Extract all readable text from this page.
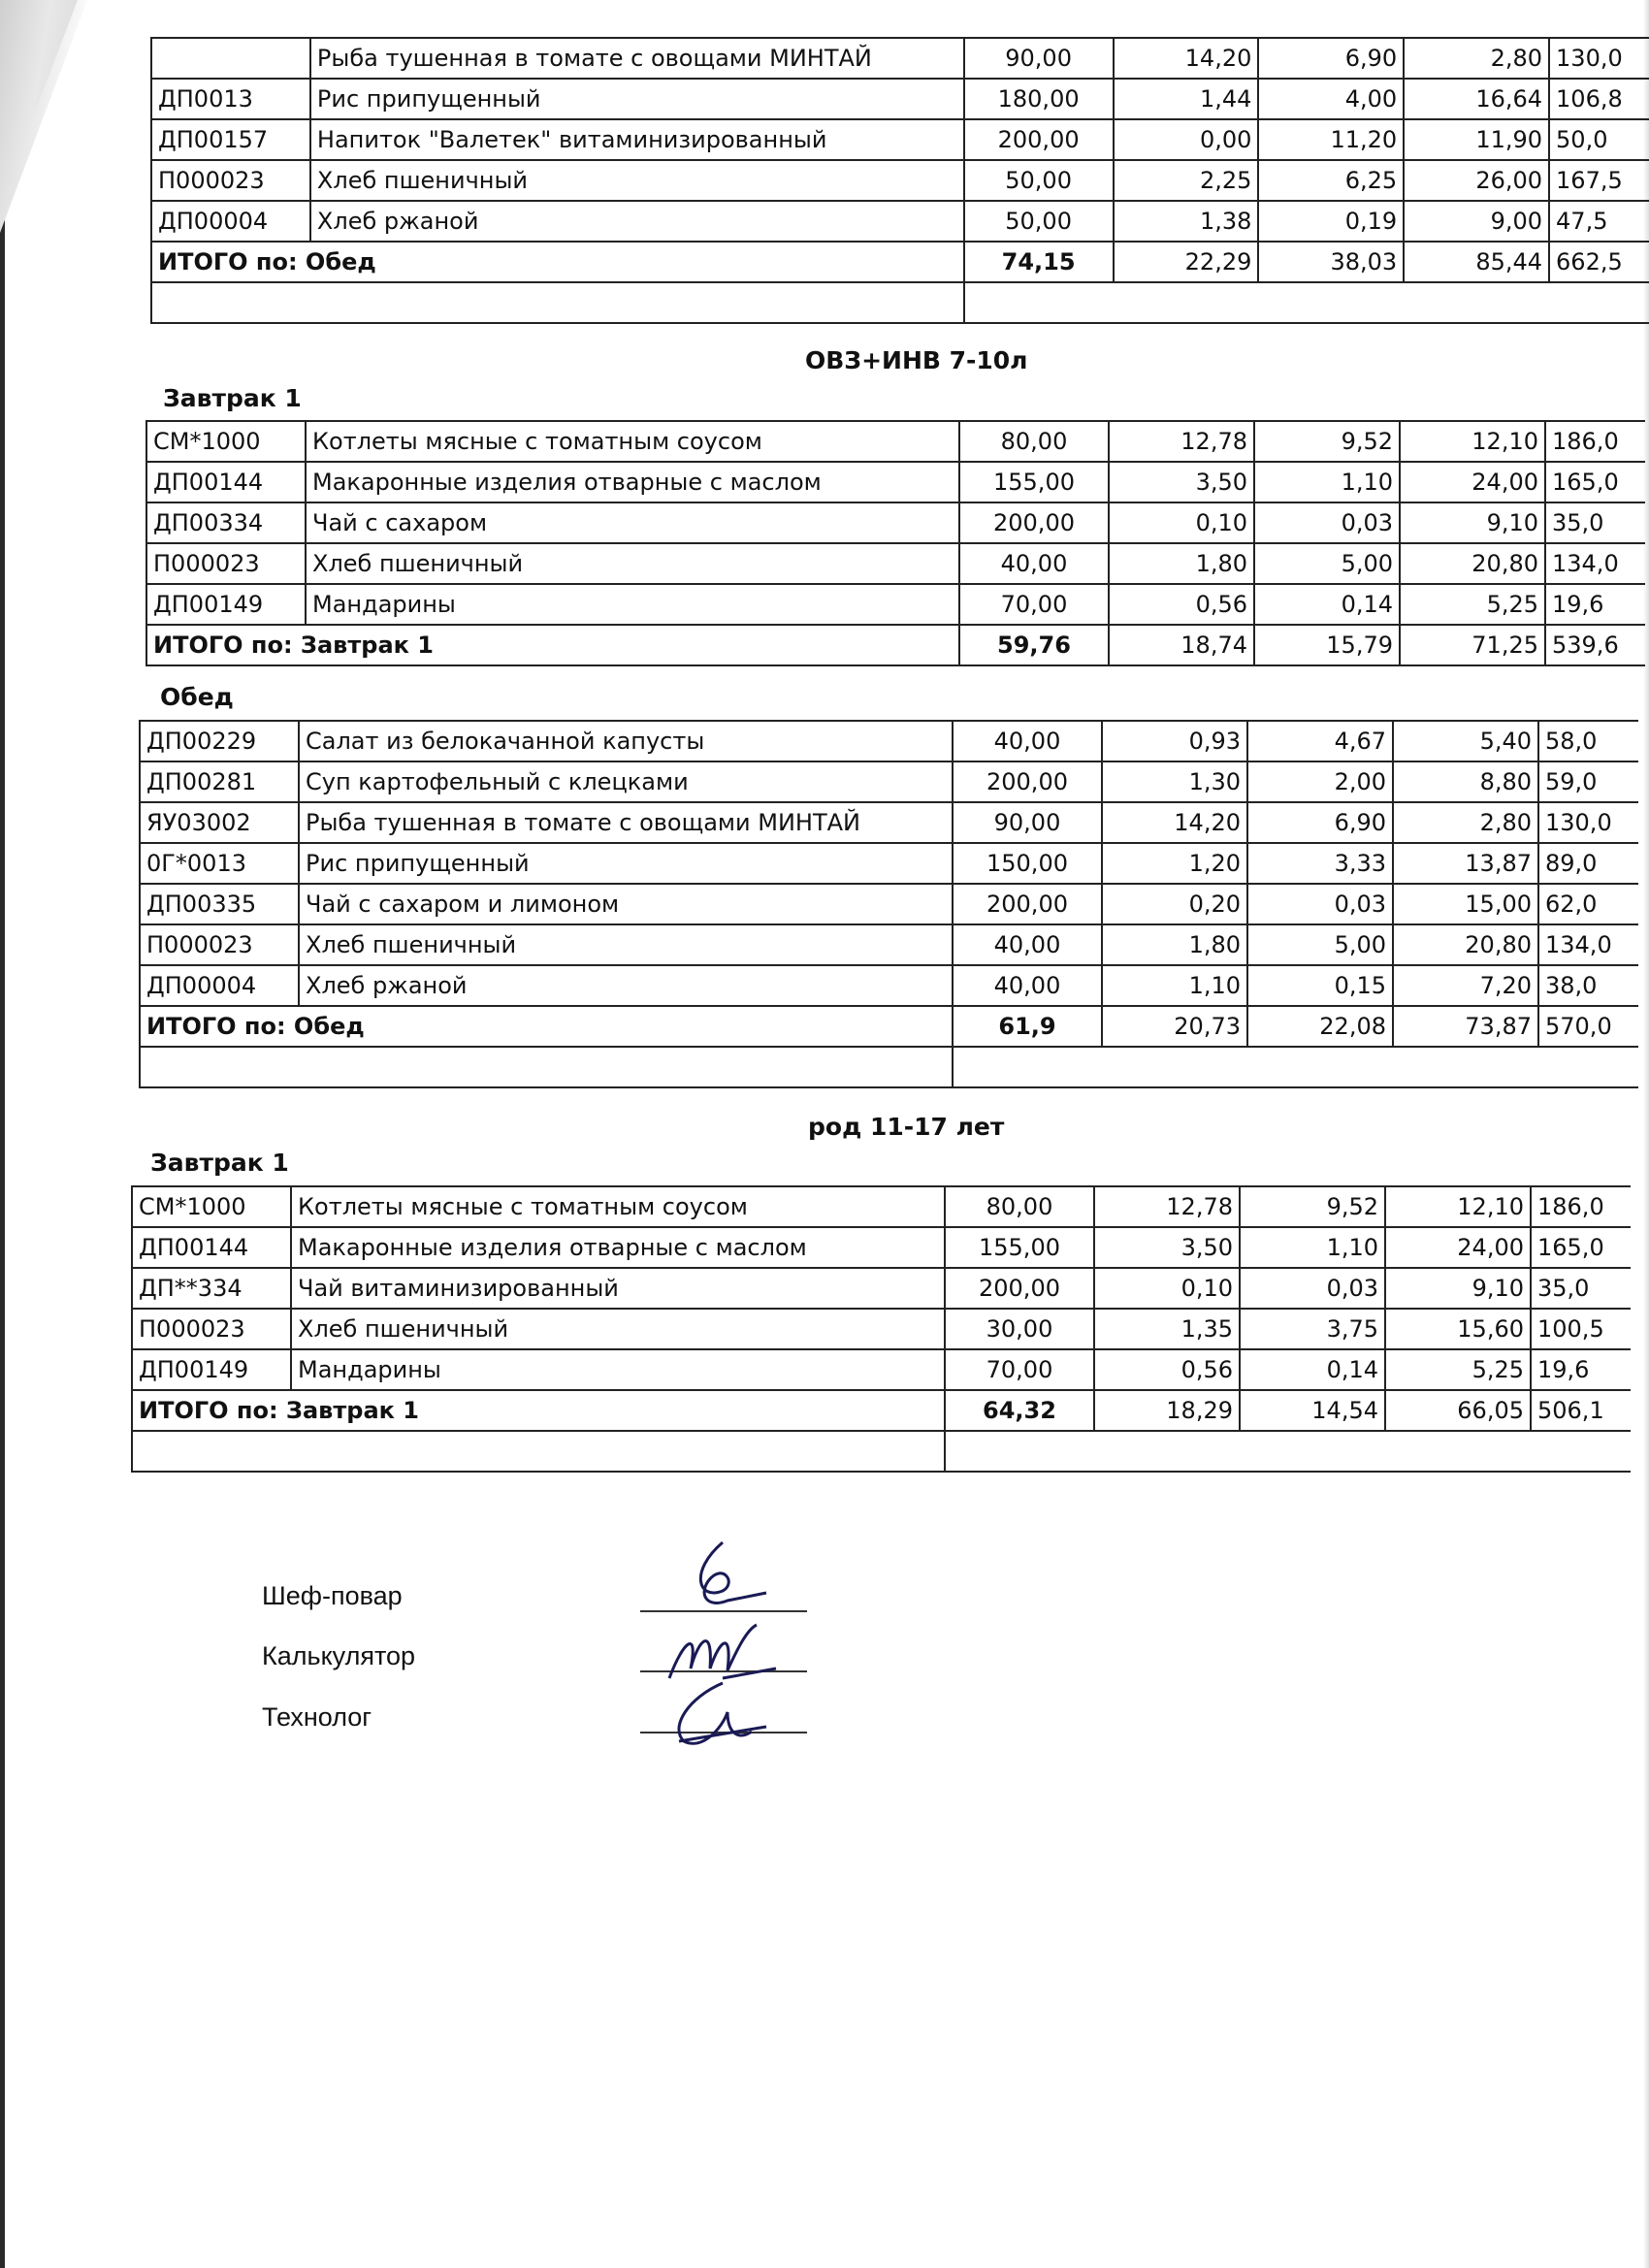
	Рыба тушенная в томате с овощами МИНТАЙ	90,00	14,20	6,90	2,80	130,0
ДП0013	Рис припущенный	180,00	1,44	4,00	16,64	106,8
ДП00157	Напиток "Валетек" витаминизированный	200,00	0,00	11,20	11,90	50,0
П000023	Хлеб пшеничный	50,00	2,25	6,25	26,00	167,5
ДП00004	Хлеб ржаной	50,00	1,38	0,19	9,00	47,5
ИТОГО по: Обед		74,15	22,29	38,03	85,44	662,5

ОВЗ+ИНВ 7-10л
Завтрак 1
СМ*1000	Котлеты мясные с томатным соусом	80,00	12,78	9,52	12,10	186,0
ДП00144	Макаронные изделия отварные с маслом	155,00	3,50	1,10	24,00	165,0
ДП00334	Чай с сахаром	200,00	0,10	0,03	9,10	35,0
П000023	Хлеб пшеничный	40,00	1,80	5,00	20,80	134,0
ДП00149	Мандарины	70,00	0,56	0,14	5,25	19,6
ИТОГО по: Завтрак 1		59,76	18,74	15,79	71,25	539,6
Обед
ДП00229	Салат из белокачанной капусты	40,00	0,93	4,67	5,40	58,0
ДП00281	Суп картофельный с клецками	200,00	1,30	2,00	8,80	59,0
ЯУ03002	Рыба тушенная в томате с овощами МИНТАЙ	90,00	14,20	6,90	2,80	130,0
0Г*0013	Рис припущенный	150,00	1,20	3,33	13,87	89,0
ДП00335	Чай с сахаром и лимоном	200,00	0,20	0,03	15,00	62,0
П000023	Хлеб пшеничный	40,00	1,80	5,00	20,80	134,0
ДП00004	Хлеб ржаной	40,00	1,10	0,15	7,20	38,0
ИТОГО по: Обед		61,9	20,73	22,08	73,87	570,0

род 11-17 лет
Завтрак 1
СМ*1000	Котлеты мясные с томатным соусом	80,00	12,78	9,52	12,10	186,0
ДП00144	Макаронные изделия отварные с маслом	155,00	3,50	1,10	24,00	165,0
ДП**334	Чай витаминизированный	200,00	0,10	0,03	9,10	35,0
П000023	Хлеб пшеничный	30,00	1,35	3,75	15,60	100,5
ДП00149	Мандарины	70,00	0,56	0,14	5,25	19,6
ИТОГО по: Завтрак 1		64,32	18,29	14,54	66,05	506,1

Шеф-повар
Калькулятор
Технолог
